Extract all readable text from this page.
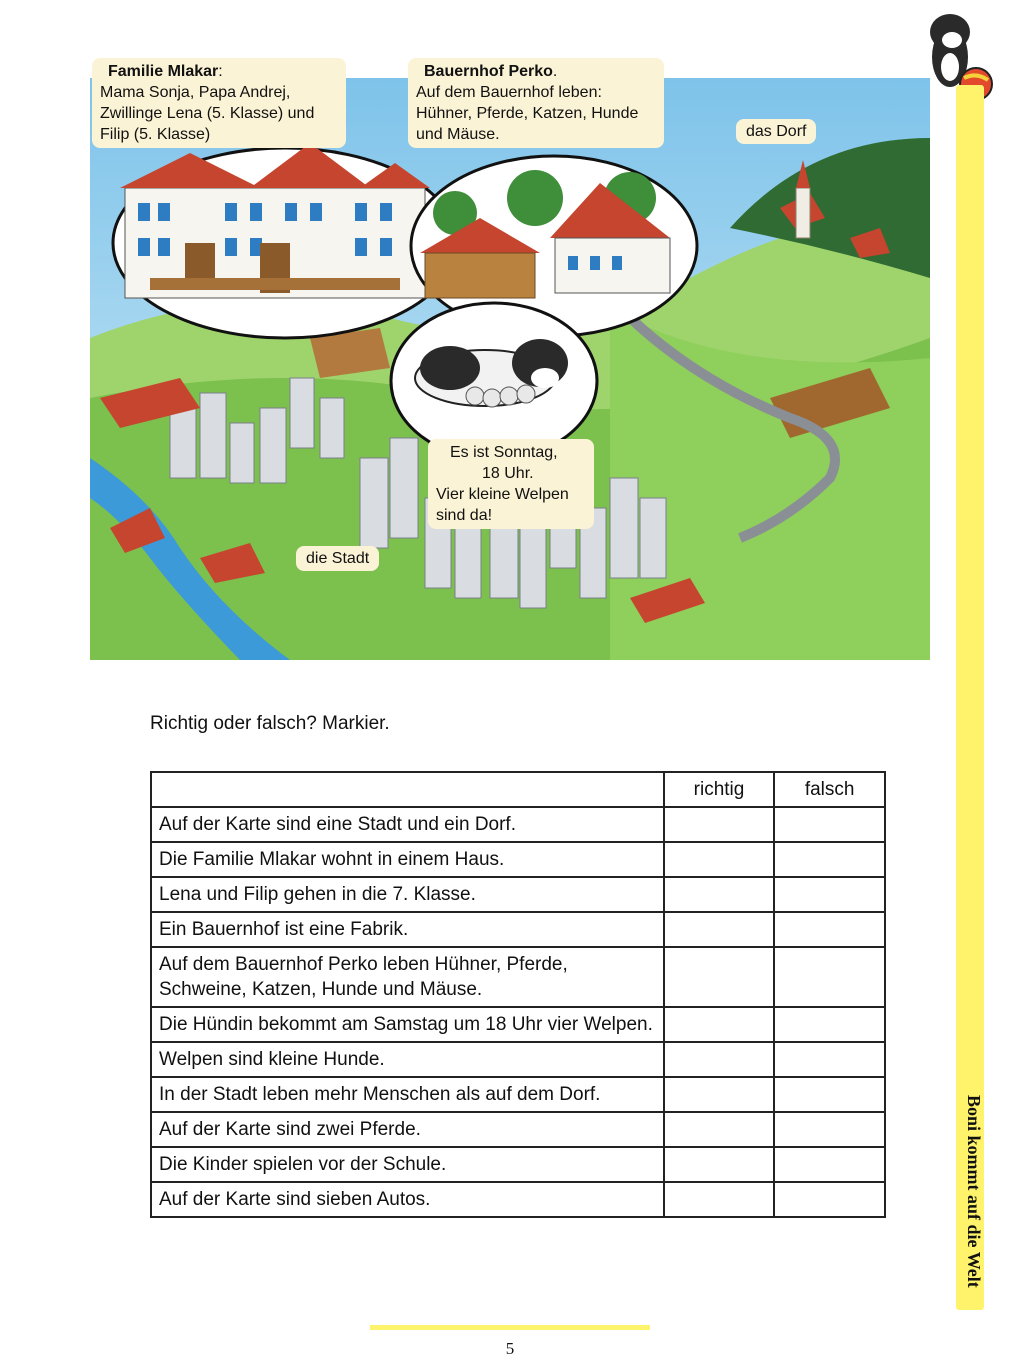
Familie Mlakar:
Mama Sonja, Papa Andrej,
Zwillinge Lena (5. Klasse) und
Filip (5. Klasse)
Bauernhof Perko.
Auf dem Bauernhof leben:
Hühner, Pferde, Katzen, Hunde
und Mäuse.
Es ist Sonntag,
18 Uhr.
Vier kleine Welpen
sind da!
das Dorf
die Stadt
Boni kommt auf die Welt
Richtig oder falsch? Markier.
	richtig	falsch
Auf der Karte sind eine Stadt und ein Dorf.		
Die Familie Mlakar wohnt in einem Haus.		
Lena und Filip gehen in die 7. Klasse.		
Ein Bauernhof ist eine Fabrik.		
Auf dem Bauernhof Perko leben Hühner, Pferde, Schweine, Katzen, Hunde und Mäuse.		
Die Hündin bekommt am Samstag um 18 Uhr vier Welpen.		
Welpen sind kleine Hunde.		
In der Stadt leben mehr Menschen als auf dem Dorf.		
Auf der Karte sind zwei Pferde.		
Die Kinder spielen vor der Schule.		
Auf der Karte sind sieben Autos.		
5
